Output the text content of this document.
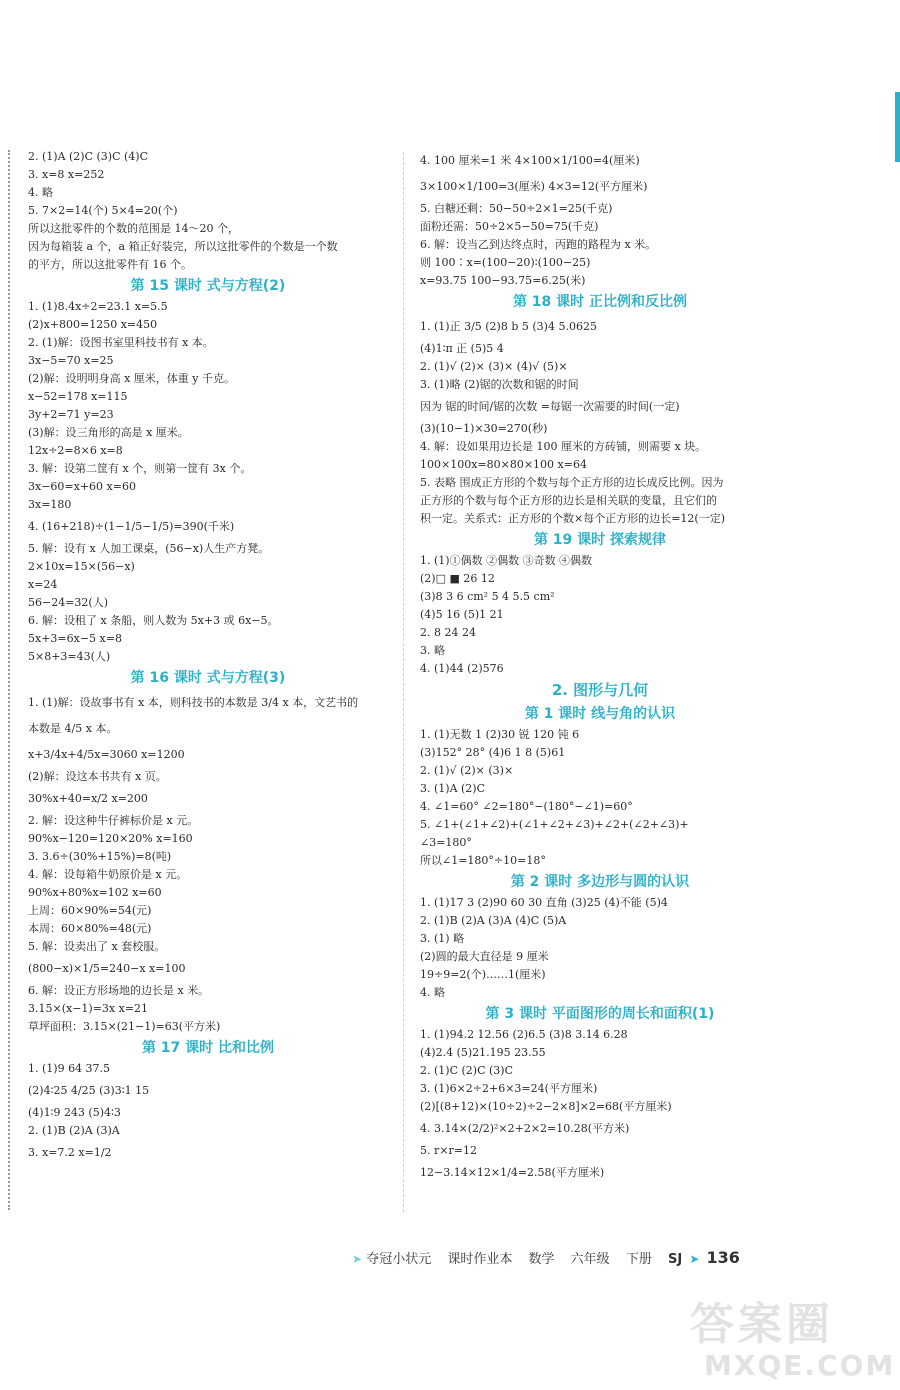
2. (1)A (2)C (3)C (4)C
3. x=8 x=252
4. 略
5. 7×2=14(个) 5×4=20(个)
所以这批零件的个数的范围是 14～20 个，
因为每箱装 a 个，a 箱正好装完，所以这批零件的个数是一个数
的平方，所以这批零件有 16 个。
第 15 课时 式与方程(2)
1. (1)8.4x÷2=23.1 x=5.5
(2)x+800=1250 x=450
2. (1)解：设图书室里科技书有 x 本。
3x−5=70 x=25
(2)解：设明明身高 x 厘米，体重 y 千克。
x−52=178 x=115
3y+2=71 y=23
(3)解：设三角形的高是 x 厘米。
12x÷2=8×6 x=8
3. 解：设第二筐有 x 个，则第一筐有 3x 个。
3x−60=x+60 x=60
3x=180
4. (16+218)÷(1−1/5−1/5)=390(千米)
5. 解：设有 x 人加工课桌，(56−x)人生产方凳。
2×10x=15×(56−x)
x=24
56−24=32(人)
6. 解：设租了 x 条船，则人数为 5x+3 或 6x−5。
5x+3=6x−5 x=8
5×8+3=43(人)
第 16 课时 式与方程(3)
1. (1)解：设故事书有 x 本，则科技书的本数是 3/4 x 本，文艺书的
本数是 4/5 x 本。
x+3/4x+4/5x=3060 x=1200
(2)解：设这本书共有 x 页。
30%x+40=x/2 x=200
2. 解：设这种牛仔裤标价是 x 元。
90%x−120=120×20% x=160
3. 3.6÷(30%+15%)=8(吨)
4. 解：设每箱牛奶原价是 x 元。
90%x+80%x=102 x=60
上周：60×90%=54(元)
本周：60×80%=48(元)
5. 解：设卖出了 x 套校服。
(800−x)×1/5=240−x x=100
6. 解：设正方形场地的边长是 x 米。
3.15×(x−1)=3x x=21
草坪面积：3.15×(21−1)=63(平方米)
第 17 课时 比和比例
1. (1)9 64 37.5
(2)4∶25 4/25 (3)3∶1 15
(4)1∶9 243 (5)4∶3
2. (1)B (2)A (3)A
3. x=7.2 x=1/2
4. 100 厘米=1 米 4×100×1/100=4(厘米)
3×100×1/100=3(厘米) 4×3=12(平方厘米)
5. 白糖还剩：50−50÷2×1=25(千克)
面粉还需：50÷2×5−50=75(千克)
6. 解：设当乙到达终点时，丙跑的路程为 x 米。
则 100∶x=(100−20)∶(100−25)
x=93.75 100−93.75=6.25(米)
第 18 课时 正比例和反比例
1. (1)正 3/5 (2)8 b 5 (3)4 5.0625
(4)1∶π 正 (5)5 4
2. (1)√ (2)× (3)× (4)√ (5)×
3. (1)略 (2)锯的次数和锯的时间
因为 锯的时间/锯的次数 =每锯一次需要的时间(一定)
(3)(10−1)×30=270(秒)
4. 解：设如果用边长是 100 厘米的方砖铺，则需要 x 块。
100×100x=80×80×100 x=64
5. 表略 围成正方形的个数与每个正方形的边长成反比例。因为
正方形的个数与每个正方形的边长是相关联的变量，且它们的
积一定。关系式：正方形的个数×每个正方形的边长=12(一定)
第 19 课时 探索规律
1. (1)①偶数 ②偶数 ③奇数 ④偶数
(2)□ ■ 26 12
(3)8 3 6 cm² 5 4 5.5 cm²
(4)5 16 (5)1 21
2. 8 24 24
3. 略
4. (1)44 (2)576
2. 图形与几何
第 1 课时 线与角的认识
1. (1)无数 1 (2)30 锐 120 钝 6
(3)152° 28° (4)6 1 8 (5)61
2. (1)√ (2)× (3)×
3. (1)A (2)C
4. ∠1=60° ∠2=180°−(180°−∠1)=60°
5. ∠1+(∠1+∠2)+(∠1+∠2+∠3)+∠2+(∠2+∠3)+
∠3=180°
所以∠1=180°÷10=18°
第 2 课时 多边形与圆的认识
1. (1)17 3 (2)90 60 30 直角 (3)25 (4)不能 (5)4
2. (1)B (2)A (3)A (4)C (5)A
3. (1) 略
(2)圆的最大直径是 9 厘米
19÷9=2(个)……1(厘米)
4. 略
第 3 课时 平面图形的周长和面积(1)
1. (1)94.2 12.56 (2)6.5 (3)8 3.14 6.28
(4)2.4 (5)21.195 23.55
2. (1)C (2)C (3)C
3. (1)6×2÷2+6×3=24(平方厘米)
(2)[(8+12)×(10÷2)÷2−2×8]×2=68(平方厘米)
4. 3.14×(2/2)²×2+2×2=10.28(平方米)
5. r×r=12
12−3.14×12×1/4=2.58(平方厘米)
➤ 夺冠小状元 课时作业本 数学 六年级 下册 SJ ➤ 136
答案圈
MXQE.COM
